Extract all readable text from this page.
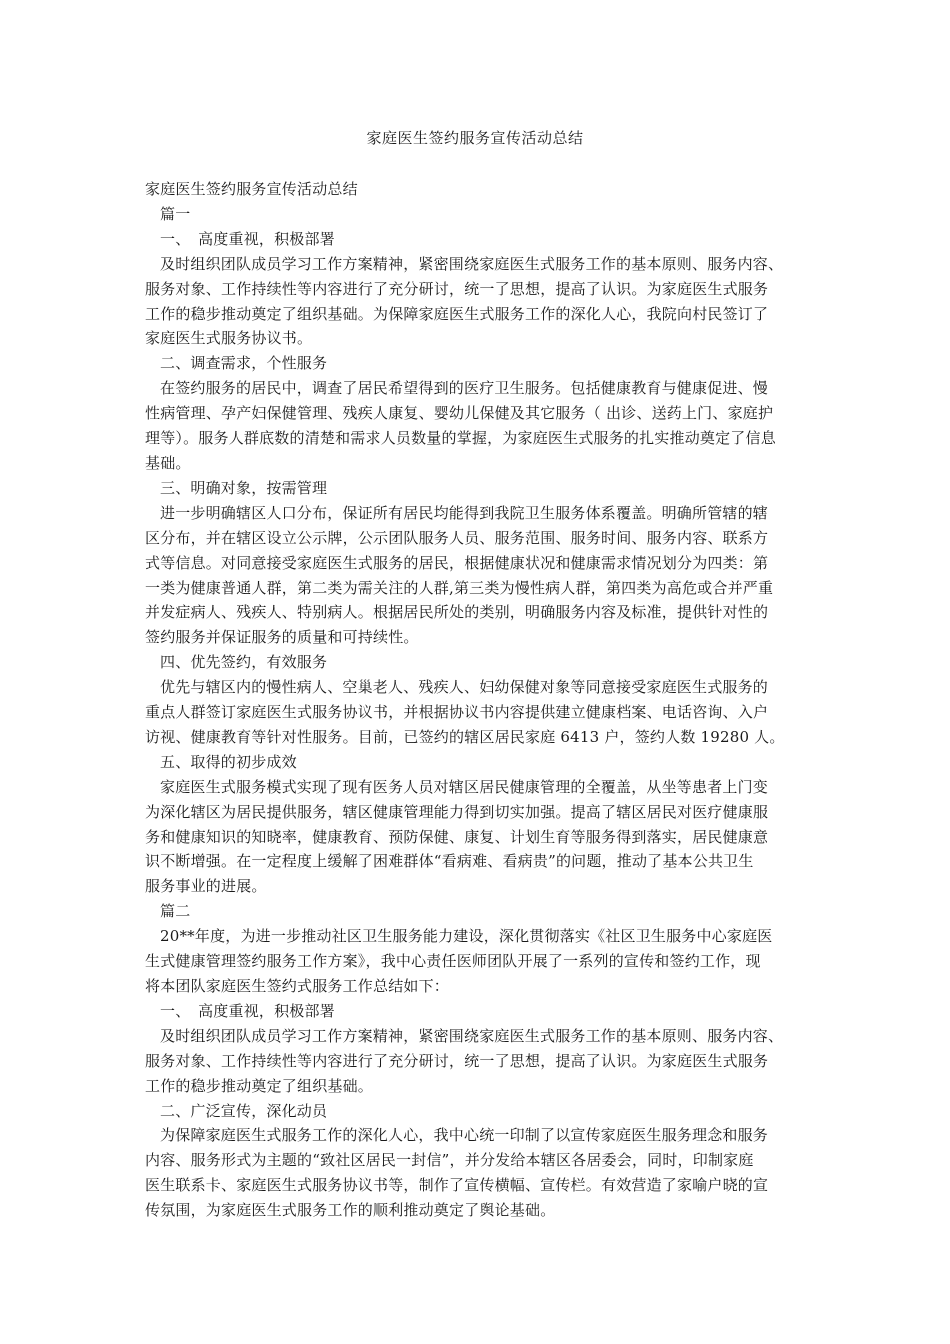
家庭医生签约服务宣传活动总结
家庭医生签约服务宣传活动总结
篇一
一、　高度重视，积极部署
及时组织团队成员学习工作方案精神，紧密围绕家庭医生式服务工作的基本原则、服务内容、
服务对象、工作持续性等内容进行了充分研讨，统一了思想，提高了认识。为家庭医生式服务
工作的稳步推动奠定了组织基础。为保障家庭医生式服务工作的深化人心，我院向村民签订了
家庭医生式服务协议书。
二、调查需求，个性服务
在签约服务的居民中，调查了居民希望得到的医疗卫生服务。包括健康教育与健康促进、慢
性病管理、孕产妇保健管理、残疾人康复、婴幼儿保健及其它服务（ 出诊、送药上门、家庭护
理等）。服务人群底数的清楚和需求人员数量的掌握，为家庭医生式服务的扎实推动奠定了信息
基础。
三、明确对象，按需管理
进一步明确辖区人口分布，保证所有居民均能得到我院卫生服务体系覆盖。明确所管辖的辖
区分布，并在辖区设立公示牌，公示团队服务人员、服务范围、服务时间、服务内容、联系方
式等信息。对同意接受家庭医生式服务的居民，根据健康状况和健康需求情况划分为四类：第
一类为健康普通人群，第二类为需关注的人群,第三类为慢性病人群，第四类为高危或合并严重
并发症病人、残疾人、特别病人。根据居民所处的类别，明确服务内容及标准，提供针对性的
签约服务并保证服务的质量和可持续性。
四、优先签约，有效服务
优先与辖区内的慢性病人、空巢老人、残疾人、妇幼保健对象等同意接受家庭医生式服务的
重点人群签订家庭医生式服务协议书，并根据协议书内容提供建立健康档案、电话咨询、入户
访视、健康教育等针对性服务。目前，已签约的辖区居民家庭 6413 户，签约人数 19280 人。
五、取得的初步成效
家庭医生式服务模式实现了现有医务人员对辖区居民健康管理的全覆盖，从坐等患者上门变
为深化辖区为居民提供服务，辖区健康管理能力得到切实加强。提高了辖区居民对医疗健康服
务和健康知识的知晓率，健康教育、预防保健、康复、计划生育等服务得到落实，居民健康意
识不断增强。在一定程度上缓解了困难群体“看病难、看病贵”的问题，推动了基本公共卫生
服务事业的进展。
篇二
20**年度，为进一步推动社区卫生服务能力建设，深化贯彻落实《社区卫生服务中心家庭医
生式健康管理签约服务工作方案》，我中心责任医师团队开展了一系列的宣传和签约工作，现
将本团队家庭医生签约式服务工作总结如下：
一、　高度重视，积极部署
及时组织团队成员学习工作方案精神，紧密围绕家庭医生式服务工作的基本原则、服务内容、
服务对象、工作持续性等内容进行了充分研讨，统一了思想，提高了认识。为家庭医生式服务
工作的稳步推动奠定了组织基础。
二、广泛宣传，深化动员
为保障家庭医生式服务工作的深化人心，我中心统一印制了以宣传家庭医生服务理念和服务
内容、服务形式为主题的“致社区居民一封信”，并分发给本辖区各居委会，同时，印制家庭
医生联系卡、家庭医生式服务协议书等，制作了宣传横幅、宣传栏。有效营造了家喻户晓的宣
传氛围，为家庭医生式服务工作的顺利推动奠定了舆论基础。
